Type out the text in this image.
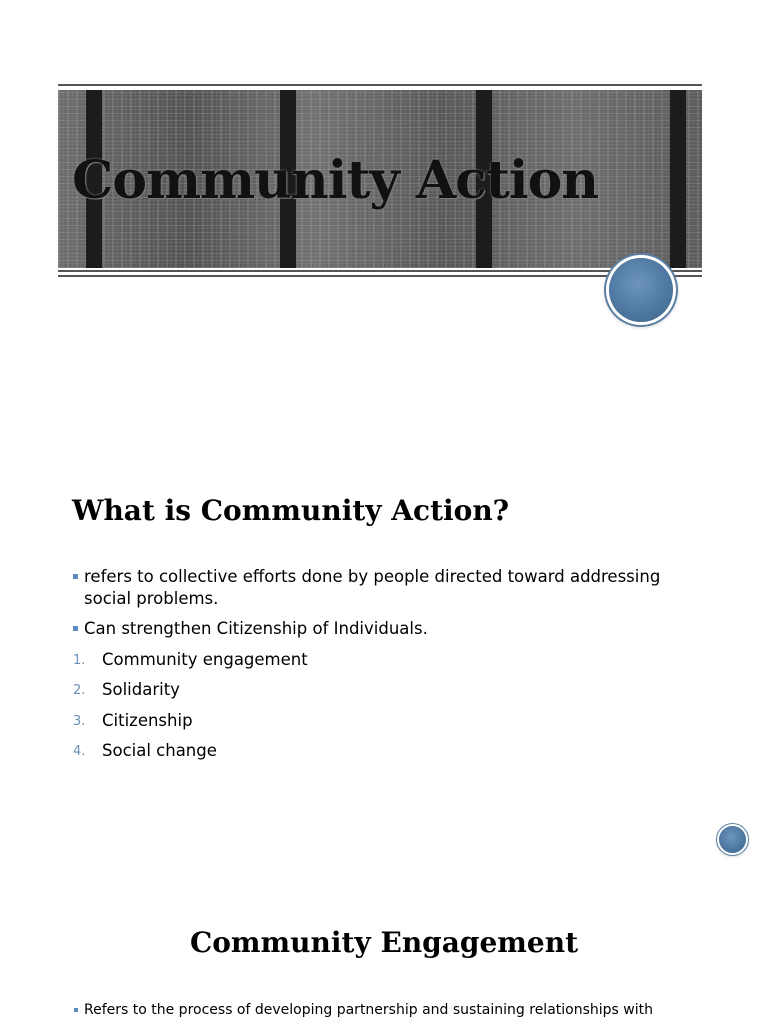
Community Action
What is Community Action?
refers to collective efforts done by people directed toward addressing social problems.
Can strengthen Citizenship of Individuals.
1. Community engagement
2. Solidarity
3. Citizenship
4. Social change
Community Engagement
Refers to the process of developing partnership and sustaining relationships with
